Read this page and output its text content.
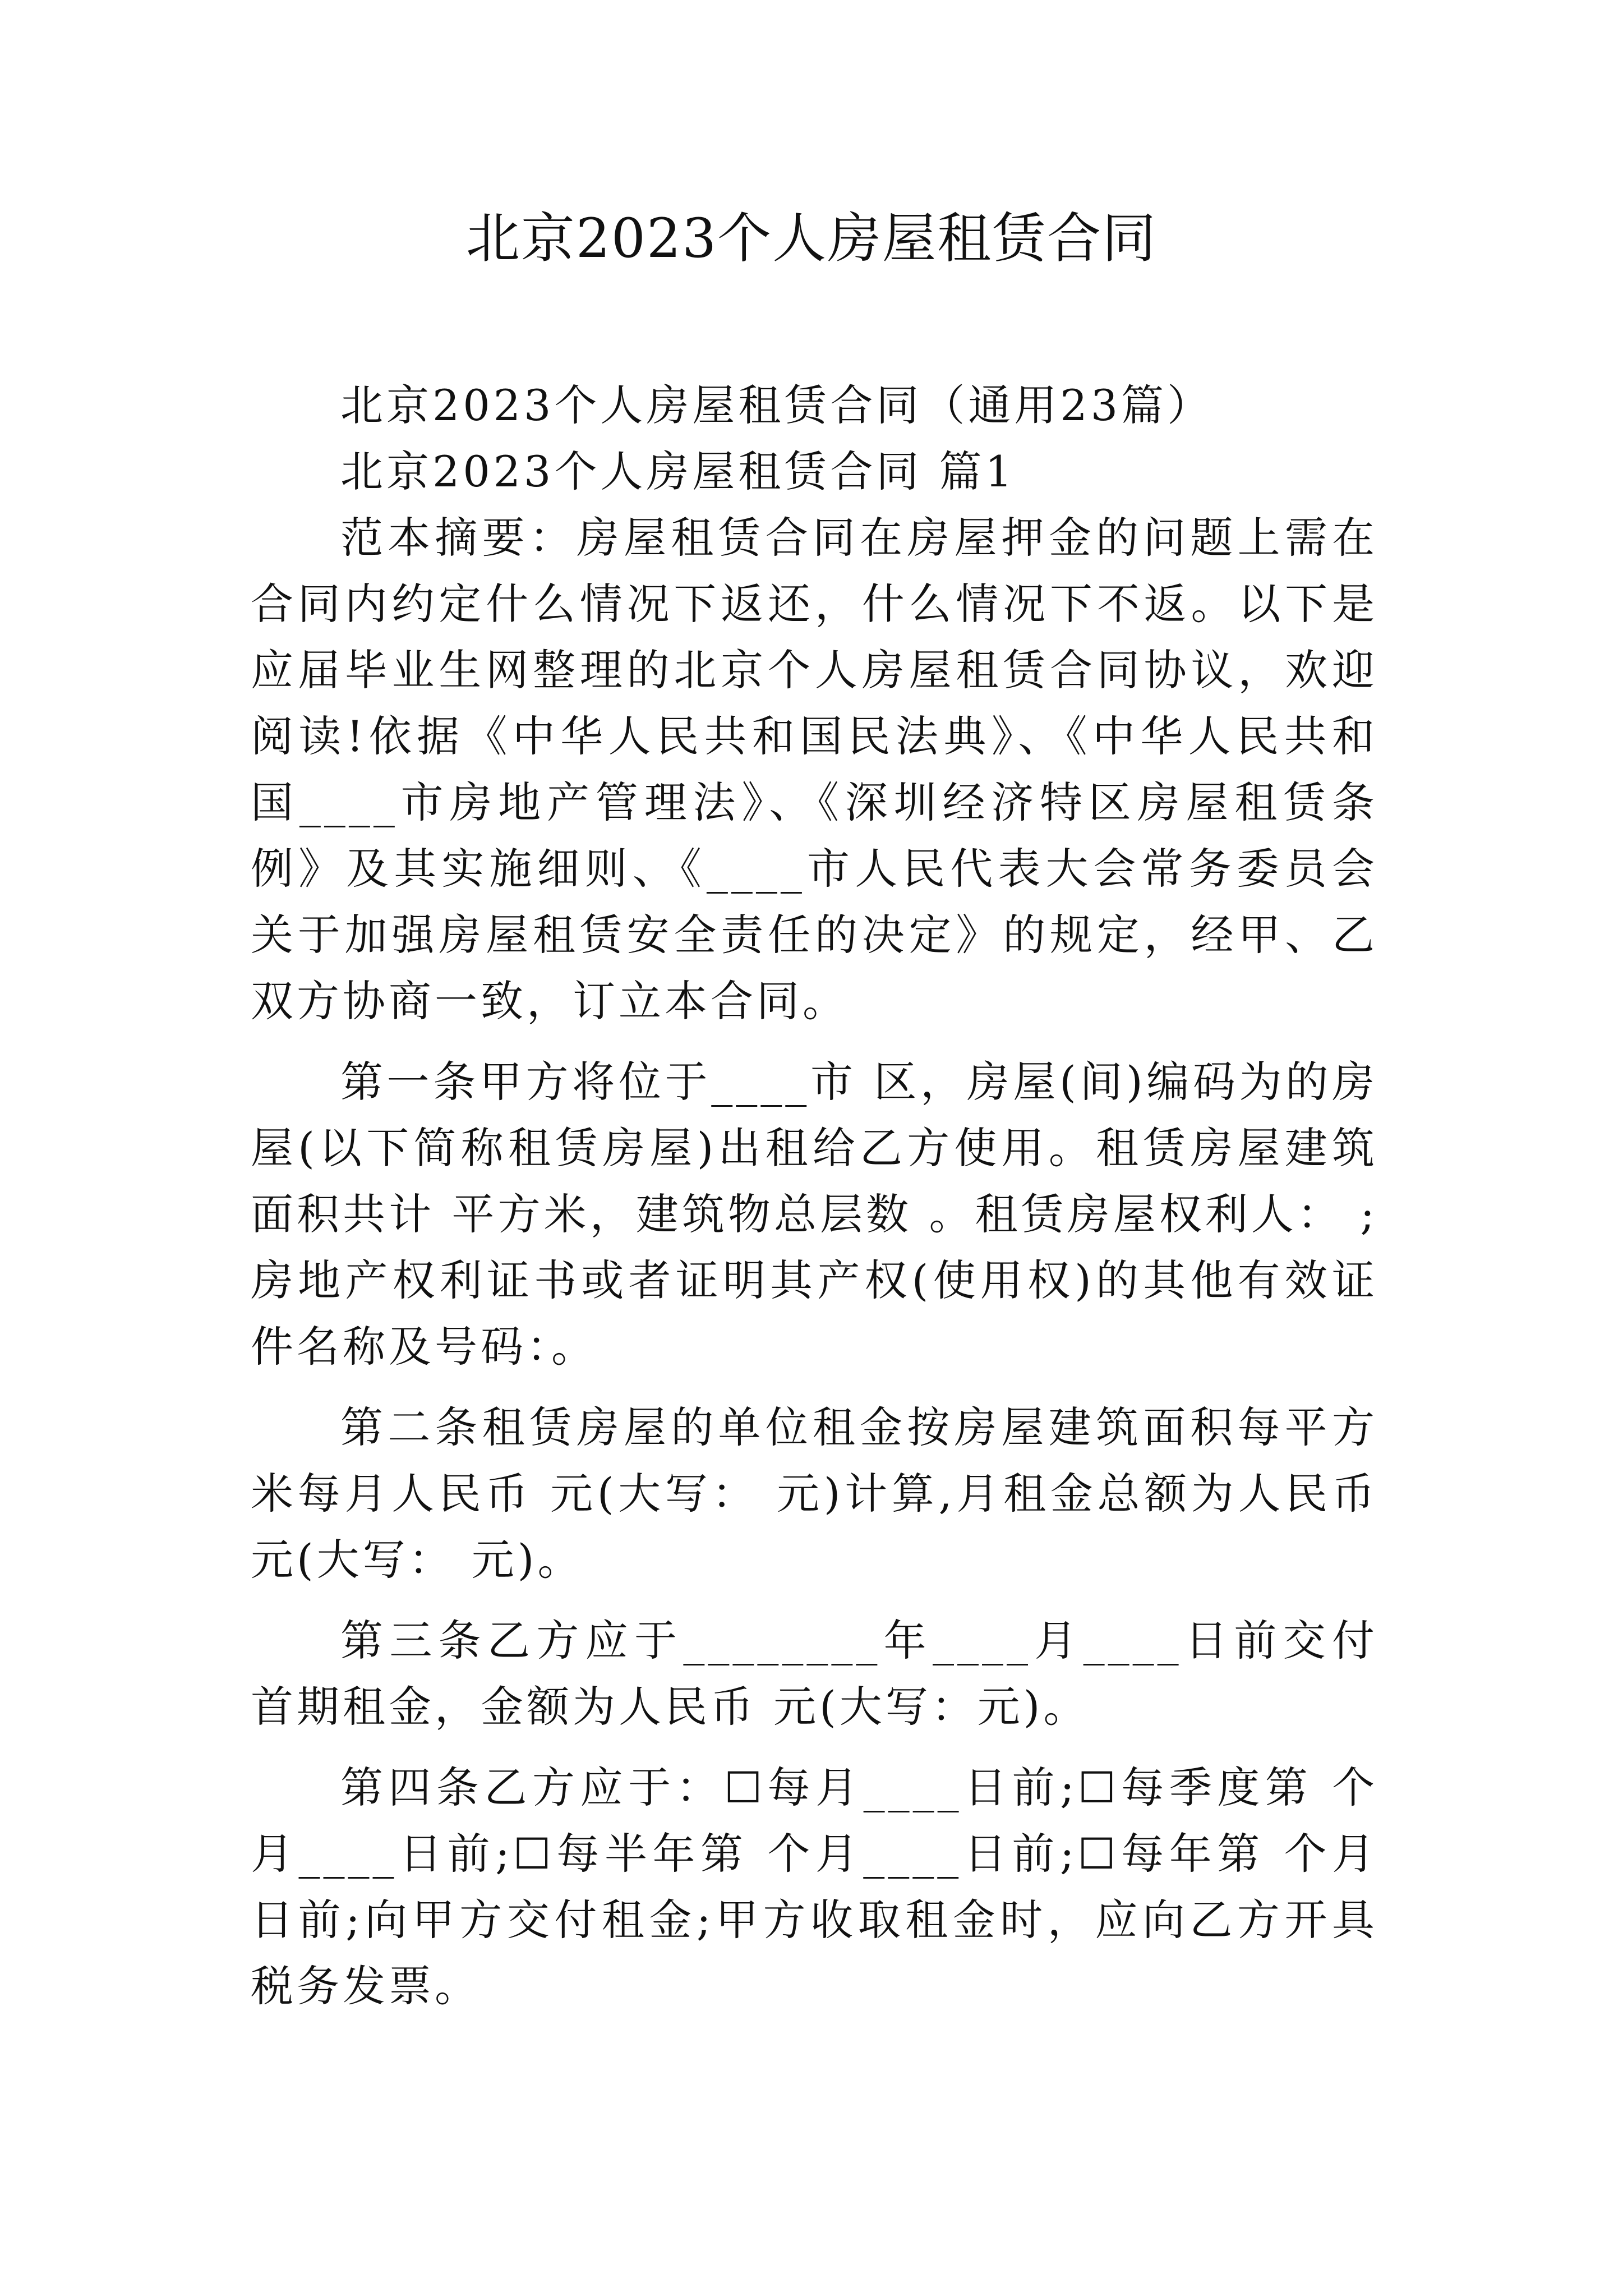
北京2023个人房屋租赁合同

北京2023个人房屋租赁合同（通用23篇）

北京2023个人房屋租赁合同 篇1

范本摘要：房屋租赁合同在房屋押金的问题上需在合同内约定什么情况下返还，什么情况下不返。以下是应届毕业生网整理的北京个人房屋租赁合同协议，欢迎阅读!依据《中华人民共和国民法典》、《中华人民共和国____市房地产管理法》、《深圳经济特区房屋租赁条例》及其实施细则、《____市人民代表大会常务委员会关于加强房屋租赁安全责任的决定》的规定，经甲、乙双方协商一致，订立本合同。

第一条甲方将位于____市 区，房屋(间)编码为的房屋(以下简称租赁房屋)出租给乙方使用。租赁房屋建筑面积共计 平方米，建筑物总层数 。租赁房屋权利人： ;房地产权利证书或者证明其产权(使用权)的其他有效证件名称及号码：。

第二条租赁房屋的单位租金按房屋建筑面积每平方米每月人民币 元(大写： 元)计算,月租金总额为人民币 元(大写： 元)。

第三条乙方应于________年____月____日前交付首期租金，金额为人民币 元(大写：元)。

第四条乙方应于：☐每月____日前;☐每季度第 个月____日前;☐每半年第 个月____日前;☐每年第 个月日前;向甲方交付租金;甲方收取租金时，应向乙方开具税务发票。
